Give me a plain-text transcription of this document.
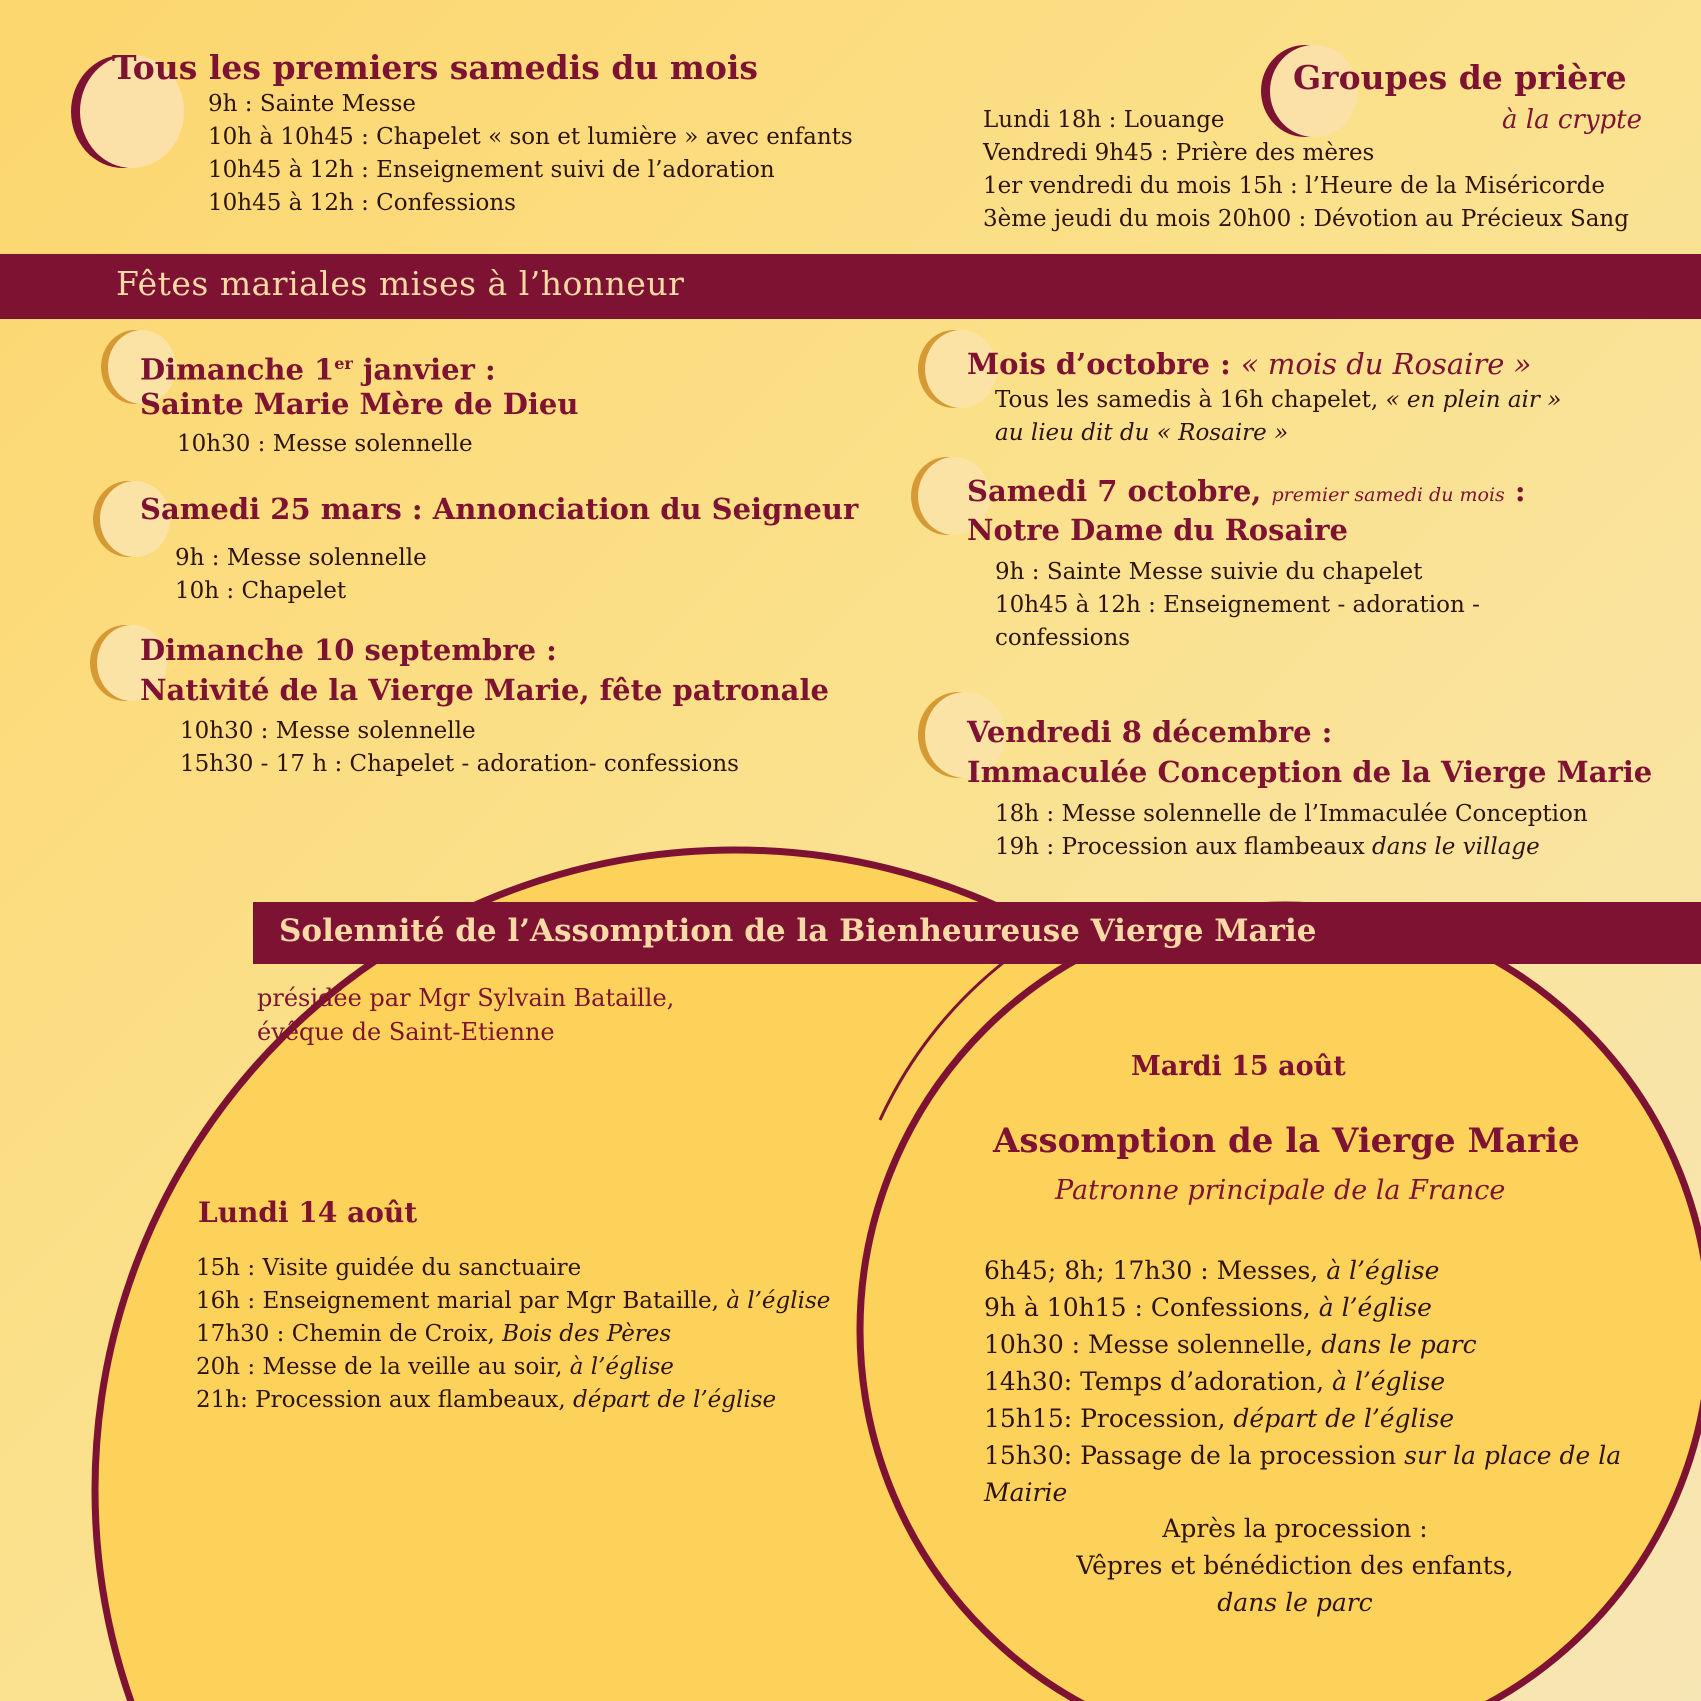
Tous les premiers samedis du mois
9h : Sainte Messe
10h à 10h45 : Chapelet « son et lumière » avec enfants
10h45 à 12h : Enseignement suivi de l’adoration
10h45 à 12h : Confessions
Groupes de prière
à la crypte
Lundi 18h : Louange
Vendredi 9h45 : Prière des mères
1er vendredi du mois 15h : l’Heure de la Miséricorde
3ème jeudi du mois 20h00 : Dévotion au Précieux Sang
Fêtes mariales mises à l’honneur
Dimanche 1er janvier :
Sainte Marie Mère de Dieu
10h30 : Messe solennelle
Samedi 25 mars : Annonciation du Seigneur
9h : Messe solennelle
10h : Chapelet
Dimanche 10 septembre :
Nativité de la Vierge Marie, fête patronale
10h30 : Messe solennelle
15h30 - 17 h : Chapelet - adoration- confessions
Mois d’octobre : « mois du Rosaire »
Tous les samedis à 16h chapelet, « en plein air »
au lieu dit du « Rosaire »
Samedi 7 octobre, premier samedi du mois :
Notre Dame du Rosaire
9h : Sainte Messe suivie du chapelet
10h45 à 12h : Enseignement - adoration -
confessions
Vendredi 8 décembre :
Immaculée Conception de la Vierge Marie
18h : Messe solennelle de l’Immaculée Conception
19h : Procession aux flambeaux dans le village
Solennité de l’Assomption de la Bienheureuse Vierge Marie
présidée par Mgr Sylvain Bataille,
évêque de Saint-Etienne
Lundi 14 août
15h : Visite guidée du sanctuaire
16h : Enseignement marial par Mgr Bataille, à l’église
17h30 : Chemin de Croix, Bois des Pères
20h : Messe de la veille au soir, à l’église
21h: Procession aux flambeaux, départ de l’église
Mardi 15 août
Assomption de la Vierge Marie
Patronne principale de la France
6h45; 8h; 17h30 : Messes, à l’église
9h à 10h15 : Confessions, à l’église
10h30 : Messe solennelle, dans le parc
14h30: Temps d’adoration, à l’église
15h15: Procession, départ de l’église
15h30: Passage de la procession sur la place de la
Mairie
Après la procession :
Vêpres et bénédiction des enfants,
dans le parc
